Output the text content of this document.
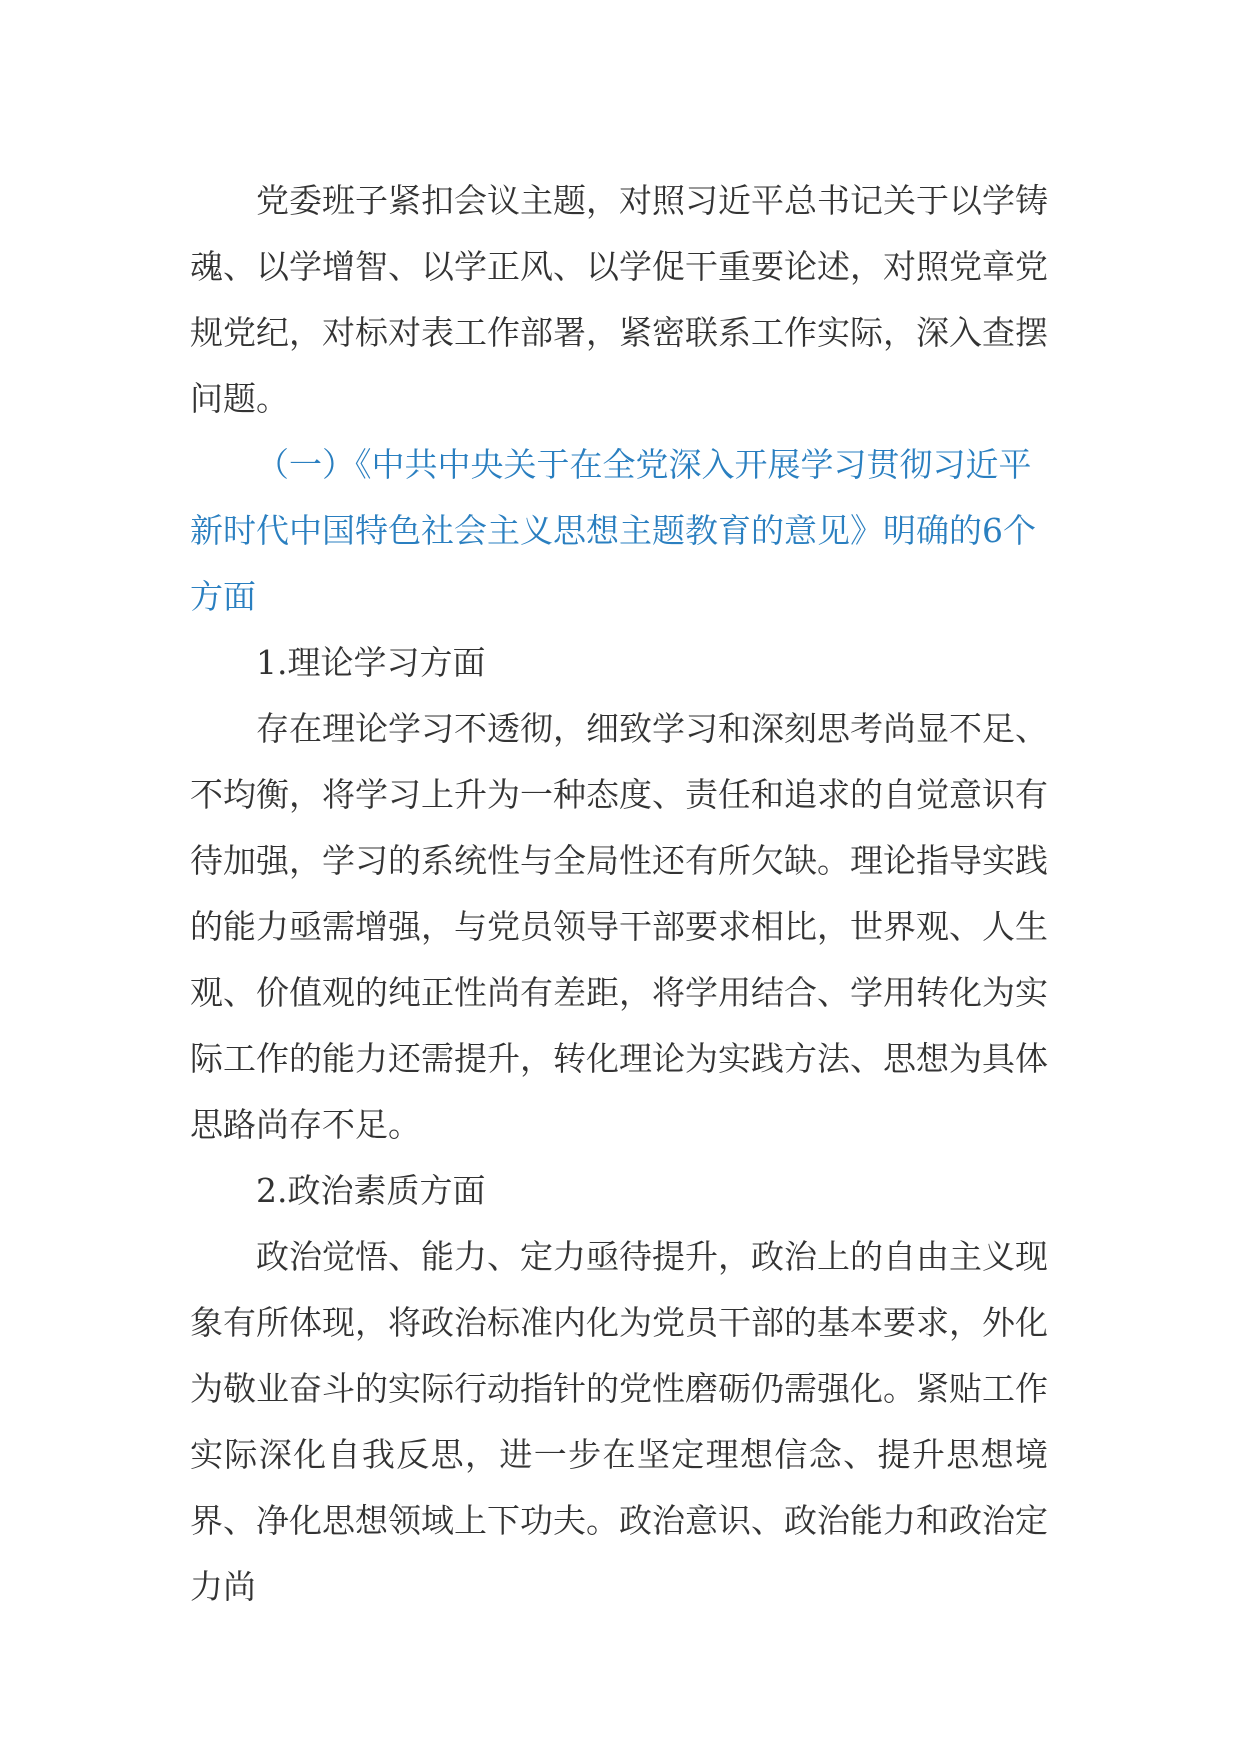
党委班子紧扣会议主题，对照习近平总书记关于以学铸魂、以学增智、以学正风、以学促干重要论述，对照党章党规党纪，对标对表工作部署，紧密联系工作实际，深入查摆问题。

（一）《中共中央关于在全党深入开展学习贯彻习近平新时代中国特色社会主义思想主题教育的意见》明确的6个方面

1.理论学习方面

存在理论学习不透彻，细致学习和深刻思考尚显不足、不均衡，将学习上升为一种态度、责任和追求的自觉意识有待加强，学习的系统性与全局性还有所欠缺。理论指导实践的能力亟需增强，与党员领导干部要求相比，世界观、人生观、价值观的纯正性尚有差距，将学用结合、学用转化为实际工作的能力还需提升，转化理论为实践方法、思想为具体思路尚存不足。

2.政治素质方面

政治觉悟、能力、定力亟待提升，政治上的自由主义现象有所体现，将政治标准内化为党员干部的基本要求，外化为敬业奋斗的实际行动指针的党性磨砺仍需强化。紧贴工作实际深化自我反思，进一步在坚定理想信念、提升思想境界、净化思想领域上下功夫。政治意识、政治能力和政治定力尚
